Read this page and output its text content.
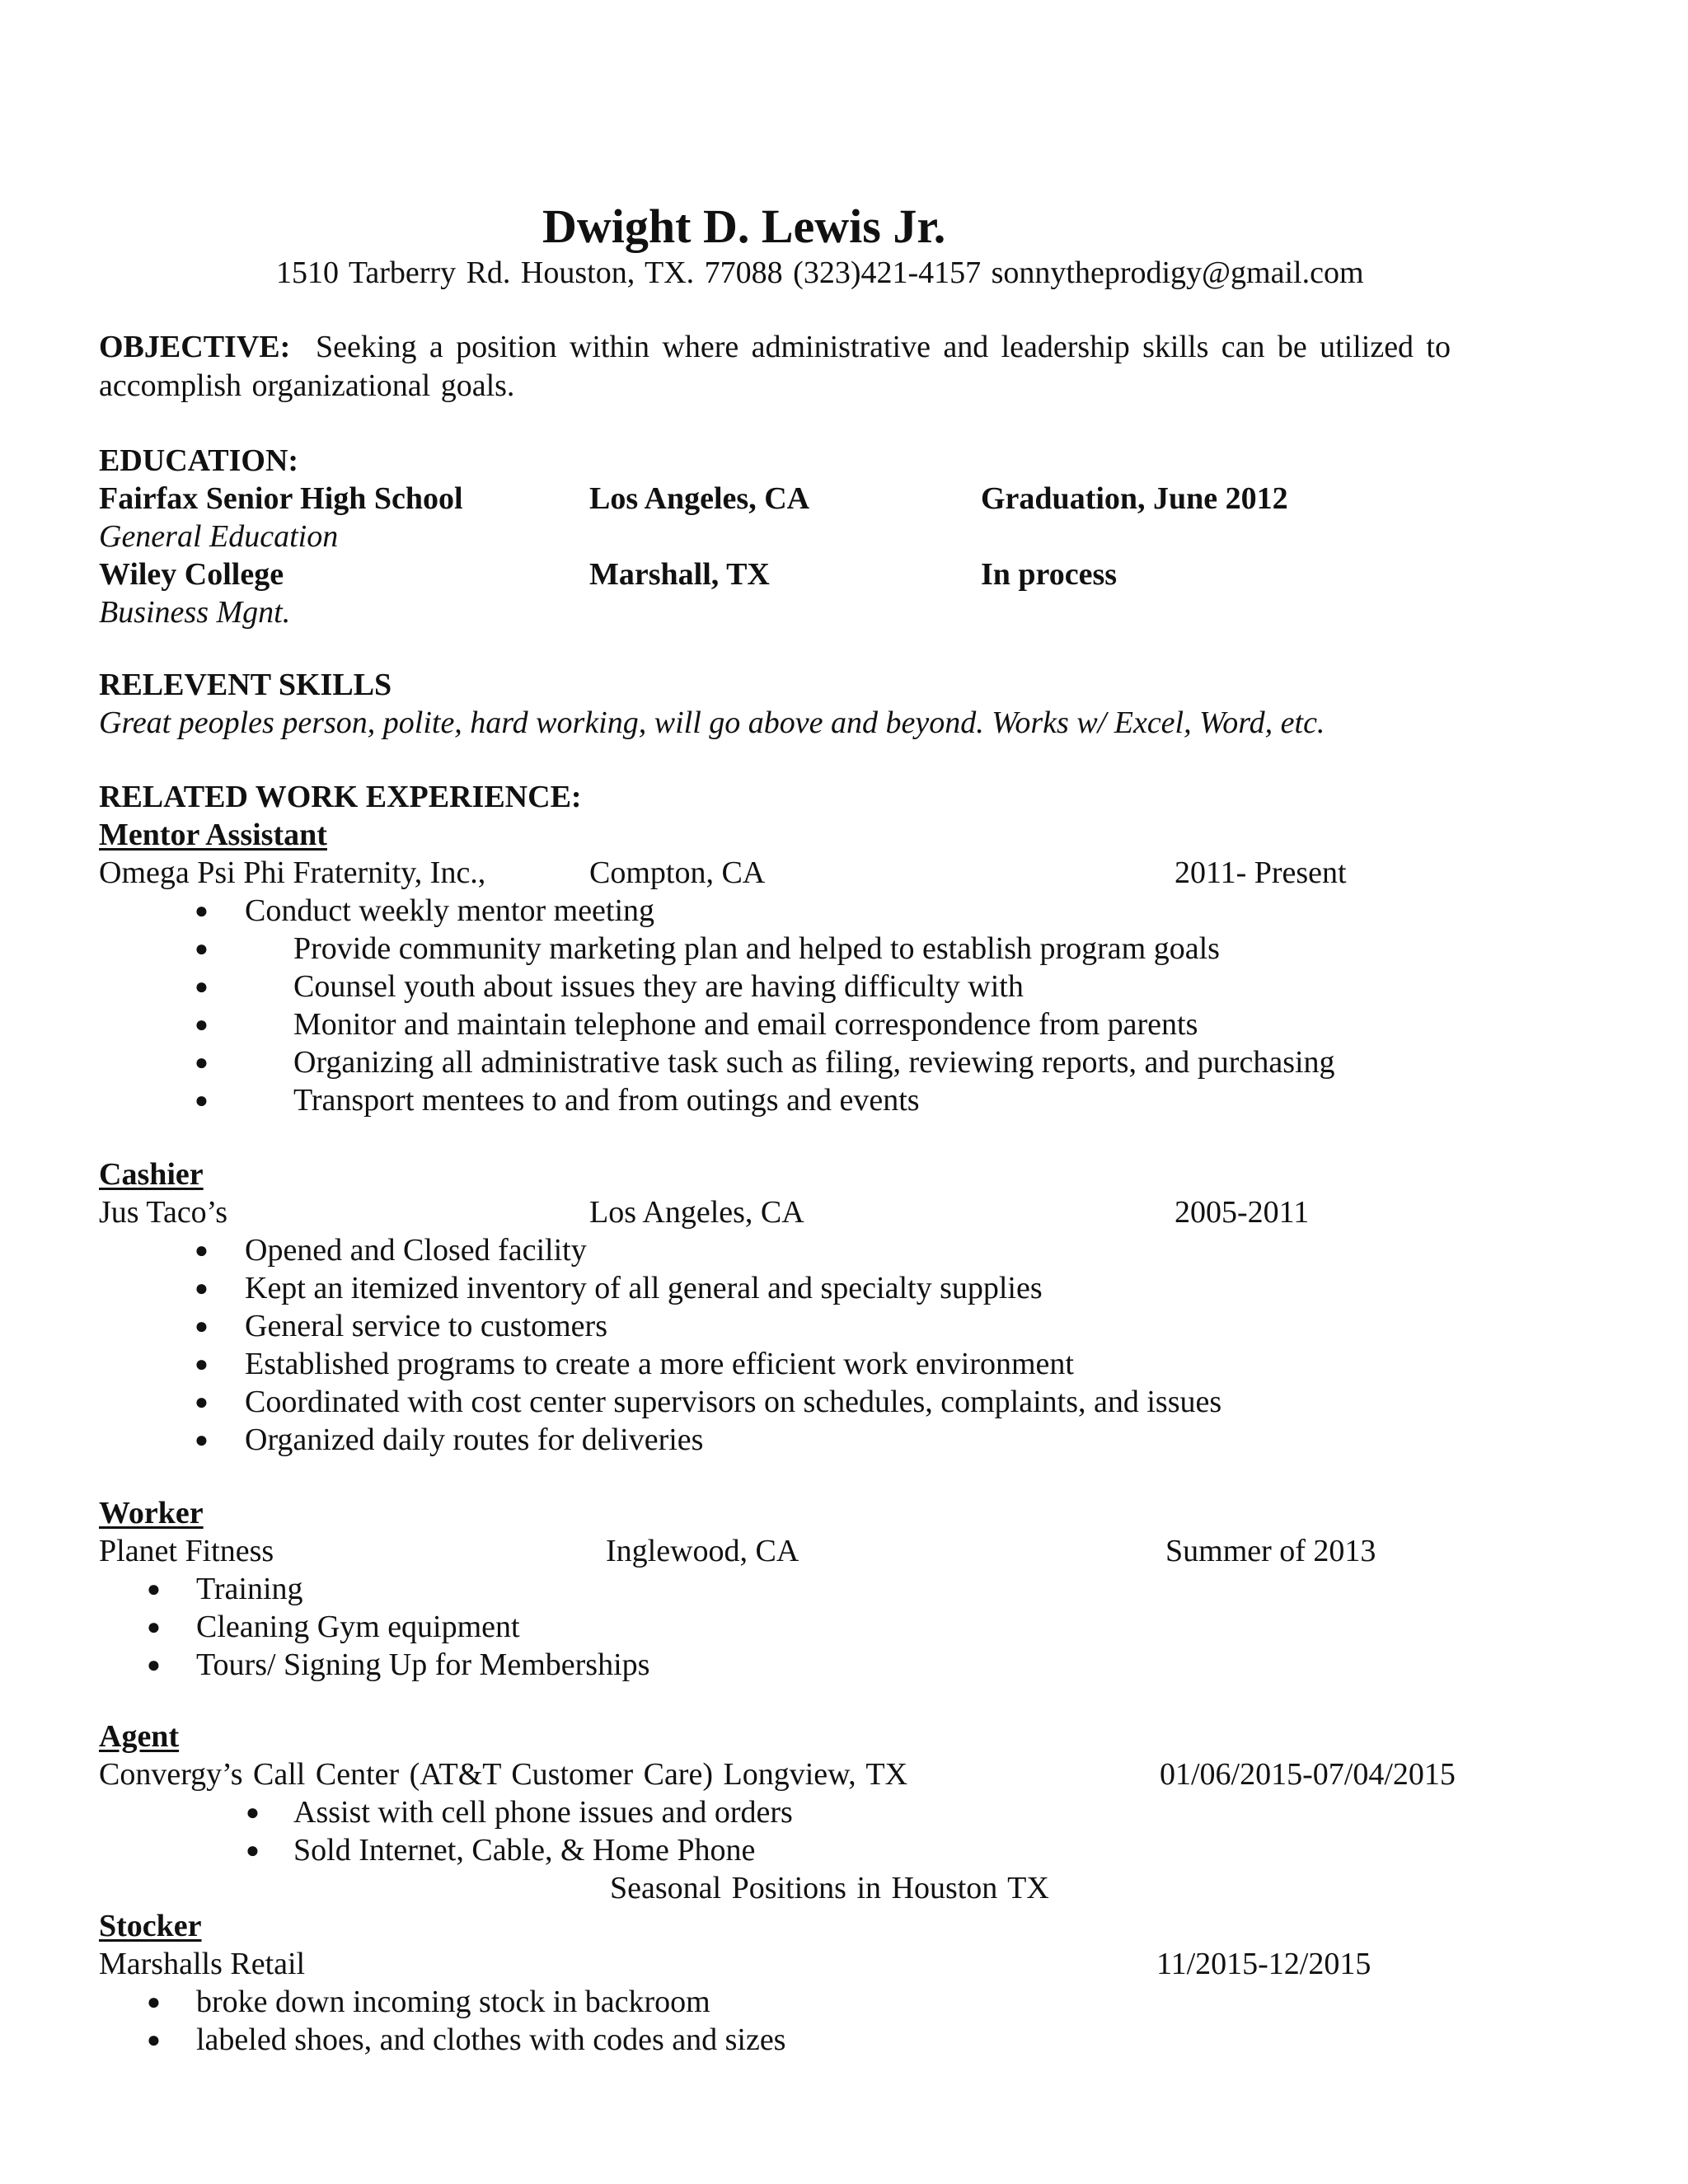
Dwight D. Lewis Jr.
1510 Tarberry Rd. Houston, TX. 77088 (323)421-4157 sonnytheprodigy@gmail.com
OBJECTIVE: Seeking a position within where administrative and leadership skills can be utilized to accomplish organizational goals.
EDUCATION:
Fairfax Senior High School	Los Angeles, CA	Graduation, June 2012
General Education
Wiley College	Marshall, TX	In process
Business Mgnt.
RELEVENT SKILLS
Great peoples person, polite, hard working, will go above and beyond. Works w/ Excel, Word, etc.
RELATED WORK EXPERIENCE:
Mentor Assistant
Omega Psi Phi Fraternity, Inc.,	Compton, CA	2011- Present
● Conduct weekly mentor meeting
●	Provide community marketing plan and helped to establish program goals
●	Counsel youth about issues they are having difficulty with
●	Monitor and maintain telephone and email correspondence from parents
●	Organizing all administrative task such as filing, reviewing reports, and purchasing
●	Transport mentees to and from outings and events
Cashier
Jus Taco’s	Los Angeles, CA	2005-2011
● Opened and Closed facility
● Kept an itemized inventory of all general and specialty supplies
● General service to customers
● Established programs to create a more efficient work environment
● Coordinated with cost center supervisors on schedules, complaints, and issues
● Organized daily routes for deliveries
Worker
Planet Fitness	Inglewood, CA	Summer of 2013
● Training
● Cleaning Gym equipment
● Tours/ Signing Up for Memberships
Agent
Convergy’s Call Center (AT&T Customer Care) Longview, TX	01/06/2015-07/04/2015
● Assist with cell phone issues and orders
● Sold Internet, Cable, & Home Phone
Seasonal Positions in Houston TX
Stocker
Marshalls Retail	11/2015-12/2015
● broke down incoming stock in backroom
● labeled shoes, and clothes with codes and sizes
